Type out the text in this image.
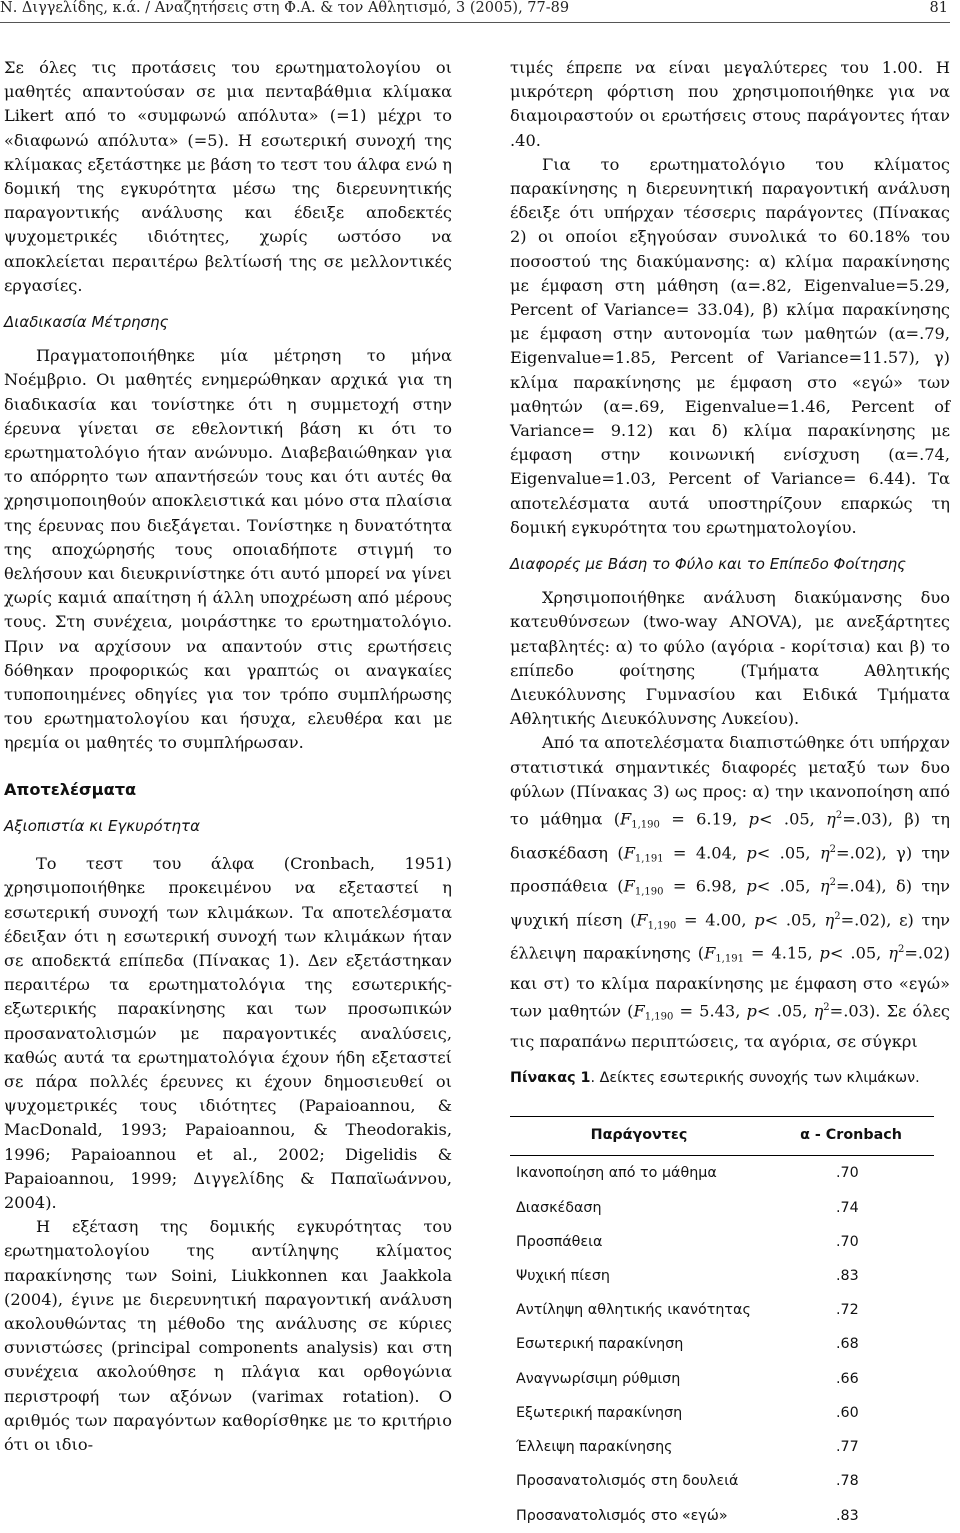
Ν. Διγγελίδης, κ.ά. / Αναζητήσεις στη Φ.Α. & τον Αθλητισμό, 3 (2005), 77-89	81

Σε όλες τις προτάσεις του ερωτηματολογίου οι μαθητές απαντούσαν σε μια πενταβάθμια κλίμακα Likert από το «συμφωνώ απόλυτα» (=1) μέχρι το «διαφωνώ απόλυτα» (=5). Η εσωτερική συνοχή της κλίμακας εξετάστηκε με βάση το τεστ του άλφα ενώ η δομική της εγκυρότητα μέσω της διερευνητικής παραγοντικής ανάλυσης και έδειξε αποδεκτές ψυχομετρικές ιδιότητες, χωρίς ωστόσο να αποκλείεται περαιτέρω βελτίωσή της σε μελλοντικές εργασίες.

Διαδικασία Μέτρησης

Πραγματοποιήθηκε μία μέτρηση το μήνα Νοέμβριο. Οι μαθητές ενημερώθηκαν αρχικά για τη διαδικασία και τονίστηκε ότι η συμμετοχή στην έρευνα γίνεται σε εθελοντική βάση κι ότι το ερωτηματολόγιο ήταν ανώνυμο. Διαβεβαιώθηκαν για το απόρρητο των απαντήσεών τους και ότι αυτές θα χρησιμοποιηθούν αποκλειστικά και μόνο στα πλαίσια της έρευνας που διεξάγεται. Τονίστηκε η δυνατότητα της αποχώρησής τους οποιαδήποτε στιγμή το θελήσουν και διευκρινίστηκε ότι αυτό μπορεί να γίνει χωρίς καμιά απαίτηση ή άλλη υποχρέωση από μέρους τους. Στη συνέχεια, μοιράστηκε το ερωτηματολόγιο. Πριν να αρχίσουν να απαντούν στις ερωτήσεις δόθηκαν προφορικώς και γραπτώς οι αναγκαίες τυποποιημένες οδηγίες για τον τρόπο συμπλήρωσης του ερωτηματολογίου και ήσυχα, ελευθέρα και με ηρεμία οι μαθητές το συμπλήρωσαν.

Αποτελέσματα
Αξιοπιστία κι Εγκυρότητα

Το τεστ του άλφα (Cronbach, 1951) χρησιμοποιήθηκε προκειμένου να εξεταστεί η εσωτερική συνοχή των κλιμάκων. Τα αποτελέσματα έδειξαν ότι η εσωτερική συνοχή των κλιμάκων ήταν σε αποδεκτά επίπεδα (Πίνακας 1). Δεν εξετάστηκαν περαιτέρω τα ερωτηματολόγια της εσωτερικής-εξωτερικής παρακίνησης και των προσωπικών προσανατολισμών με παραγοντικές αναλύσεις, καθώς αυτά τα ερωτηματολόγια έχουν ήδη εξεταστεί σε πάρα πολλές έρευνες κι έχουν δημοσιευθεί οι ψυχομετρικές τους ιδιότητες (Papaioannou, & MacDonald, 1993; Papaioannou, & Theodorakis, 1996; Papaioannou et al., 2002; Digelidis & Papaioannou, 1999; Διγγελίδης & Παπαϊωάννου, 2004).

Η εξέταση της δομικής εγκυρότητας του ερωτηματολογίου της αντίληψης κλίματος παρακίνησης των Soini, Liukkonnen και Jaakkola (2004), έγινε με διερευνητική παραγοντική ανάλυση ακολουθώντας τη μέθοδο της ανάλυσης σε κύριες συνιστώσες (principal components analysis) και στη συνέχεια ακολούθησε η πλάγια και ορθογώνια περιστροφή των αξόνων (varimax rotation). Ο αριθμός των παραγόντων καθορίσθηκε με το κριτήριο ότι οι ιδιο-

τιμές έπρεπε να είναι μεγαλύτερες του 1.00. Η μικρότερη φόρτιση που χρησιμοποιήθηκε για να διαμοιραστούν οι ερωτήσεις στους παράγοντες ήταν .40.

Για το ερωτηματολόγιο του κλίματος παρακίνησης η διερευνητική παραγοντική ανάλυση έδειξε ότι υπήρχαν τέσσερις παράγοντες (Πίνακας 2) οι οποίοι εξηγούσαν συνολικά το 60.18% του ποσοστού της διακύμανσης: α) κλίμα παρακίνησης με έμφαση στη μάθηση (α=.82, Eigenvalue=5.29, Percent of Variance= 33.04), β) κλίμα παρακίνησης με έμφαση στην αυτονομία των μαθητών (α=.79, Eigenvalue=1.85, Percent of Variance=11.57), γ) κλίμα παρακίνησης με έμφαση στο «εγώ» των μαθητών (α=.69, Eigenvalue=1.46, Percent of Variance= 9.12) και δ) κλίμα παρακίνησης με έμφαση στην κοινωνική ενίσχυση (α=.74, Eigenvalue=1.03, Percent of Variance= 6.44). Τα αποτελέσματα αυτά υποστηρίζουν επαρκώς τη δομική εγκυρότητα του ερωτηματολογίου.

Διαφορές με Βάση το Φύλο και το Επίπεδο Φοίτησης

Χρησιμοποιήθηκε ανάλυση διακύμανσης δυο κατευθύνσεων (two-way ANOVA), με ανεξάρτητες μεταβλητές: α) το φύλο (αγόρια - κορίτσια) και β) το επίπεδο φοίτησης (Τμήματα Αθλητικής Διευκόλυνσης Γυμνασίου και Ειδικά Τμήματα Αθλητικής Διευκόλυνσης Λυκείου).

Από τα αποτελέσματα διαπιστώθηκε ότι υπήρχαν στατιστικά σημαντικές διαφορές μεταξύ των δυο φύλων (Πίνακας 3) ως προς: α) την ικανοποίηση από το μάθημα ($F_{1,190} = 6.19$, p< .05, $\eta^2=.03$), β) τη διασκέδαση ($F_{1,191} = 4.04$, p< .05, $\eta^2=.02$), γ) την προσπάθεια ($F_{1,190} = 6.98$, p< .05, $\eta^2=.04$), δ) την ψυχική πίεση ($F_{1,190} = 4.00$, p< .05, $\eta^2=.02$), ε) την έλλειψη παρακίνησης ($F_{1,191} = 4.15$, p< .05, $\eta^2=.02$) και στ) το κλίμα παρακίνησης με έμφαση στο «εγώ» των μαθητών ($F_{1,190} = 5.43$, p< .05, $\eta^2=.03$). Σε όλες τις παραπάνω περιπτώσεις, τα αγόρια, σε σύγκρι

Πίνακας 1. Δείκτες εσωτερικής συνοχής των κλιμάκων.
Παράγοντες	α - Cronbach
Ικανοποίηση από το μάθημα	.70
Διασκέδαση	.74
Προσπάθεια	.70
Ψυχική πίεση	.83
Αντίληψη αθλητικής ικανότητας	.72
Εσωτερική παρακίνηση	.68
Αναγνωρίσιμη ρύθμιση	.66
Εξωτερική παρακίνηση	.60
Έλλειψη παρακίνησης	.77
Προσανατολισμός στη δουλειά	.78
Προσανατολισμός στο «εγώ»	.83
